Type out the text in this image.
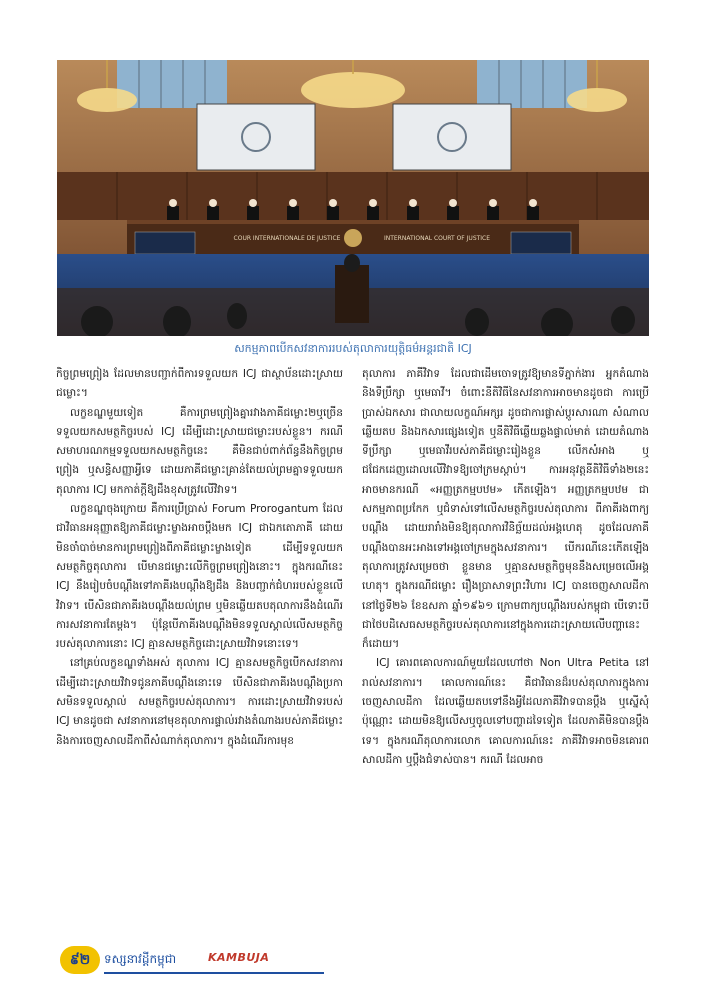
COUR INTERNATIONALE DE JUSTICE	INTERNATIONAL COURT OF JUSTICE
សកម្មភាពបើកសវនាការរបស់តុលាការយុត្តិធម៌អន្តរជាតិ ICJ

កិច្ចព្រមព្រៀង ដែលមានបញ្ជាក់ពីការទទួលយក ICJ ជាស្ថាប័នដោះស្រាយជម្លោះ។

លក្ខខណ្ឌមួយទៀត គឺការព្រមព្រៀងគ្នារវាងភាគីជម្លោះ២ឬច្រើនទទួលយកសមត្ថកិច្ចរបស់ ICJ ដើម្បីដោះស្រាយជម្លោះរបស់ខ្លួន។ ករណីសមាហរណកម្មទទួលយកសមត្ថកិច្ចនេះ គឺមិនជាប់ពាក់ព័ន្ធនឹងកិច្ចព្រមព្រៀង ឬសន្ធិសញ្ញាអ្វីទេ ដោយភាគីជម្លោះគ្រាន់តែយល់ព្រមគ្នាទទួលយកតុលាការ ICJ មកកាត់ក្តីឱ្យដឹងខុសត្រូវលើវិវាទ។

លក្ខខណ្ឌចុងក្រោយ គឺការប្រើប្រាស់ Forum Prorogantum ដែលជាវិធានអនុញ្ញាតឱ្យភាគីជម្លោះម្ខាងអាចប្តឹងមក ICJ ជាឯកតោភាគី ដោយមិនចាំបាច់មានការព្រមព្រៀងពីភាគីជម្លោះម្ខាងទៀត ដើម្បីទទួលយកសមត្ថកិច្ចតុលាការ បើមានជម្លោះលើកិច្ចព្រមព្រៀងនោះ។ ក្នុងករណីនេះ ICJ នឹងរៀបចំបណ្តឹងទៅភាគីរងបណ្តឹងឱ្យដឹង និងបញ្ជាក់ជំហររបស់ខ្លួនលើវិវាទ។ បើសិនជាភាគីរងបណ្តឹងយល់ព្រម ឬមិនឆ្លើយតបតុលាការនឹងដំណើរការសវនាការតែម្តង។ ប៉ុន្តែបើភាគីរងបណ្តឹងមិនទទួលស្គាល់លើសមត្ថកិច្ចរបស់តុលាការនោះ ICJ គ្មានសមត្ថកិច្ចដោះស្រាយវិវាទនោះទេ។

នៅគ្រប់លក្ខខណ្ឌទាំងអស់ តុលាការ ICJ គ្មានសមត្ថកិច្ចបើកសវនាការ ដើម្បីដោះស្រាយវិវាទជូនភាគីបណ្តឹងនោះទេ បើសិនជាភាគីរងបណ្តឹងប្រកាសមិនទទួលស្គាល់ សមត្ថកិច្ចរបស់តុលាការ។ ការដោះស្រាយវិវាទរបស់ ICJ មានដូចជា សវនាការនៅមុខតុលាការផ្ទាល់រវាងតំណាងរបស់ភាគីជម្លោះ និងការចេញសាលដីកាពីសំណាក់តុលាការ។ ក្នុងដំណើរការមុខ

តុលាការ ភាគីវិវាទ ដែលជាដើមចោទត្រូវឱ្យមានទីភ្នាក់ងារ អ្នកតំណាង និងទីប្រឹក្សា ឬមេធាវី។ ចំពោះនីតិវិធីនៃសវនាការអាចមានដូចជា ការប្រើប្រាស់ឯកសារ ជាលាយលក្ខណ៍អក្សរ ដូចជាការផ្លាស់ប្តូរសារណា សំណាលឆ្លើយតប និងឯកសារផ្សេងទៀត ឬនីតិវិធីឆ្លើយឆ្លងផ្ទាល់មាត់ ដោយតំណាង ទីប្រឹក្សា ឬមេធាវីរបស់ភាគីជម្លោះរៀងខ្លួន លើកសំអាង ឬជជែកដេញដោលលើវិវាទឱ្យចៅក្រមស្តាប់។ ការអនុវត្តនីតិវិធីទាំង២នេះ អាចមានករណី «អញ្ញត្រកម្មបឋម» កើតឡើង។ អញ្ញត្រកម្មបឋម ជាសកម្មភាពប្រកែក ឬជំទាស់ទៅលើសមត្ថកិច្ចរបស់តុលាការ ពីភាគីរងពាក្យបណ្តឹង ដោយរារាំងមិនឱ្យតុលាការវិនិច្ឆ័យដល់អង្គហេតុ ដូចដែលភាគីបណ្តឹងបានអះអាងទៅអង្គចៅក្រមក្នុងសវនាការ។ បើករណីនេះកើតឡើង តុលាការត្រូវសម្រេចថា ខ្លួនមាន ឬគ្មានសមត្ថកិច្ចមុននឹងសម្រេចលើអង្គហេតុ។ ក្នុងករណីជម្លោះ រឿងប្រាសាទព្រះវិហារ ICJ បានចេញសាលដីកា នៅថ្ងៃទី២៦ ខែឧសភា ឆ្នាំ១៩៦១ ក្រោមពាក្យបណ្តឹងរបស់កម្ពុជា បើទោះបីជាថៃបដិសេធសមត្ថកិច្ចរបស់តុលាការនៅក្នុងការដោះស្រាយលើបញ្ហានេះក៏ដោយ។

ICJ គោរពគោលការណ៍មួយដែលហៅថា Non Ultra Petita នៅរាល់សវនាការ។ គោលការណ៍នេះ គឺជាវិធានដ៏របស់តុលាការក្នុងការចេញសាលដីកា ដែលឆ្លើយតបទៅនឹងអ្វីដែលភាគីវិវាទបានប្តឹង ឬស្នើសុំប៉ុណ្ណោះ ដោយមិនឱ្យលើសឬចូលទៅបញ្ហាដទៃទៀត ដែលភាគីមិនបានប្តឹងទេ។ ក្នុងករណីតុលាការលោក គោលការណ៍នេះ ភាគីវិវាទអាចមិនគោរព សាលដីកា ឬប្តឹងជំទាស់បាន។ ករណី ដែលអាច

៩២	ទស្សនាវដ្តីកម្ពុជា	KAMBUJA
